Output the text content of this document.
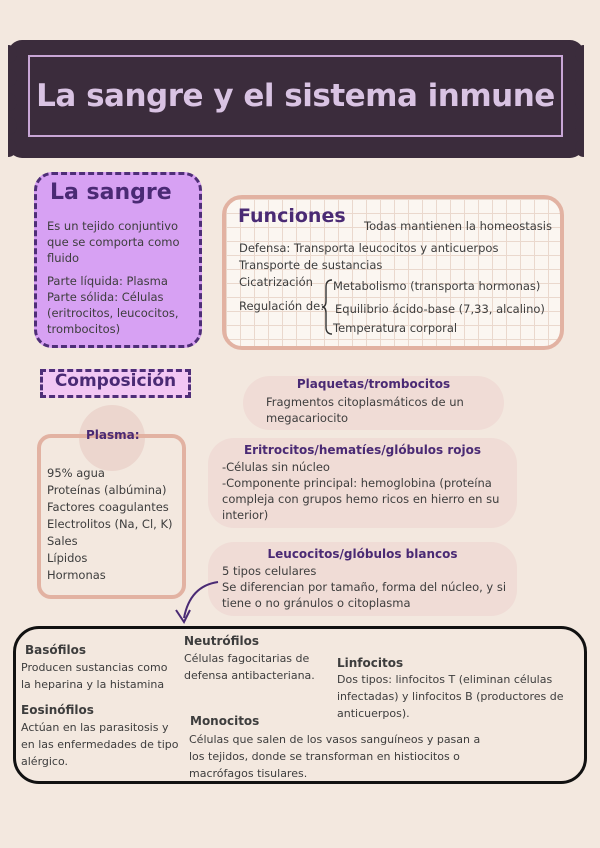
La sangre y el sistema inmune
La sangre
Es un tejido conjuntivo
que se comporta como
fluido
Parte líquida: Plasma
Parte sólida: Células
(eritrocitos, leucocitos,
trombocitos)
Funciones Todas mantienen la homeostasis
Defensa: Transporta leucocitos y anticuerpos
Transporte de sustancias
Cicatrización
Regulación de:
Metabolismo (transporta hormonas)
Equilibrio ácido-base (7,33, alcalino)
Temperatura corporal
Composición
Plasma:
95% agua
Proteínas (albúmina)
Factores coagulantes
Electrolitos (Na, Cl, K)
Sales
Lípidos
Hormonas
Plaquetas/trombocitos
Fragmentos citoplasmáticos de un
megacariocito
Eritrocitos/hematíes/glóbulos rojos
-Células sin núcleo
-Componente principal: hemoglobina (proteína
compleja con grupos hemo ricos en hierro en su
interior)
Leucocitos/glóbulos blancos
5 tipos celulares
Se diferencian por tamaño, forma del núcleo, y si
tiene o no gránulos o citoplasma
Basófilos
Producen sustancias como
la heparina y la histamina
Eosinófilos
Actúan en las parasitosis y
en las enfermedades de tipo
alérgico.
Neutrófilos
Células fagocitarias de
defensa antibacteriana.
Monocitos
Células que salen de los vasos sanguíneos y pasan a
los tejidos, donde se transforman en histiocitos o
macrófagos tisulares.
Linfocitos
Dos tipos: linfocitos T (eliminan células
infectadas) y linfocitos B (productores de
anticuerpos).
